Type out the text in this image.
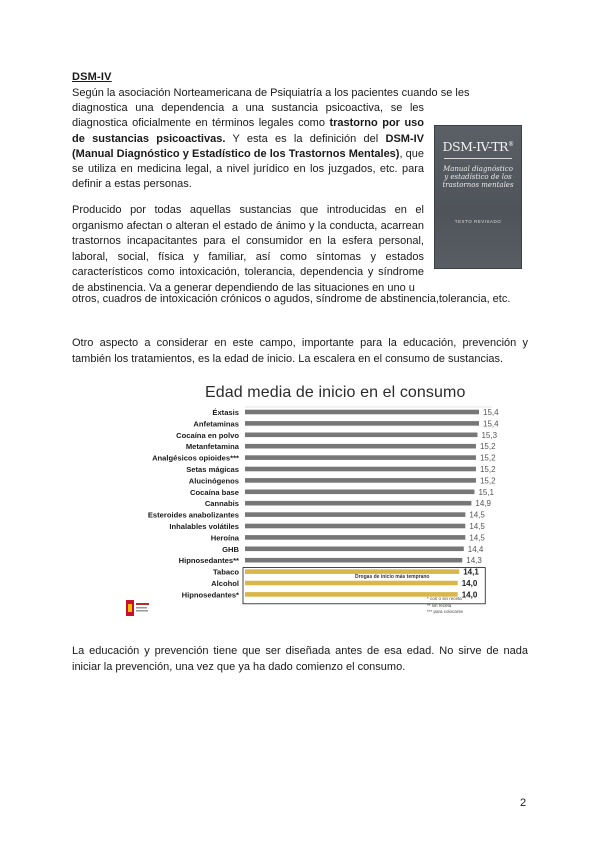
DSM-IV
Según la asociación Norteamericana de Psiquiatría a los pacientes cuando se les
diagnostica una dependencia a una sustancia psicoactiva, se les diagnostica oficialmente en términos legales como trastorno por uso de sustancias psicoactivas. Y esta es la definición del DSM-IV (Manual Diagnóstico y Estadístico de los Trastornos Mentales), que se utiliza en medicina legal, a nivel jurídico en los juzgados, etc. para definir a estas personas.
DSM-IV-TR®
Manual diagnóstico y estadístico de los trastornos mentales
TEXTO REVISADO
Producido por todas aquellas sustancias que introducidas en el organismo afectan o alteran el estado de ánimo y la conducta, acarrean trastornos incapacitantes para el consumidor en la esfera personal, laboral, social, física y familiar, así como síntomas y estados característicos como intoxicación, tolerancia, dependencia y síndrome de abstinencia. Va a generar dependiendo de las situaciones en uno u
otros, cuadros de intoxicación crónicos o agudos, síndrome de abstinencia,tolerancia, etc.
Otro aspecto a considerar en este campo, importante para la educación, prevención y también los tratamientos, es la edad de inicio. La escalera en el consumo de sustancias.
Edad media de inicio en el consumo
Éxtasis	15,4
Anfetaminas	15,4
Cocaína en polvo	15,3
Metanfetamina	15,2
Analgésicos opioides***	15,2
Setas mágicas	15,2
Alucinógenos	15,2
Cocaína base	15,1
Cannabis	14,9
Esteroides anabolizantes	14,5
Inhalables volátiles	14,5
Heroína	14,5
GHB	14,4
Hipnosedantes**	14,3
Tabaco	14,1
Alcohol	14,0
Hipnosedantes*	14,0
Drogas de inicio más temprano
* con o sin receta
** sin receta
*** para colocarse
La educación y prevención tiene que ser diseñada antes de esa edad. No sirve de nada iniciar la prevención, una vez que ya ha dado comienzo el consumo.
2
